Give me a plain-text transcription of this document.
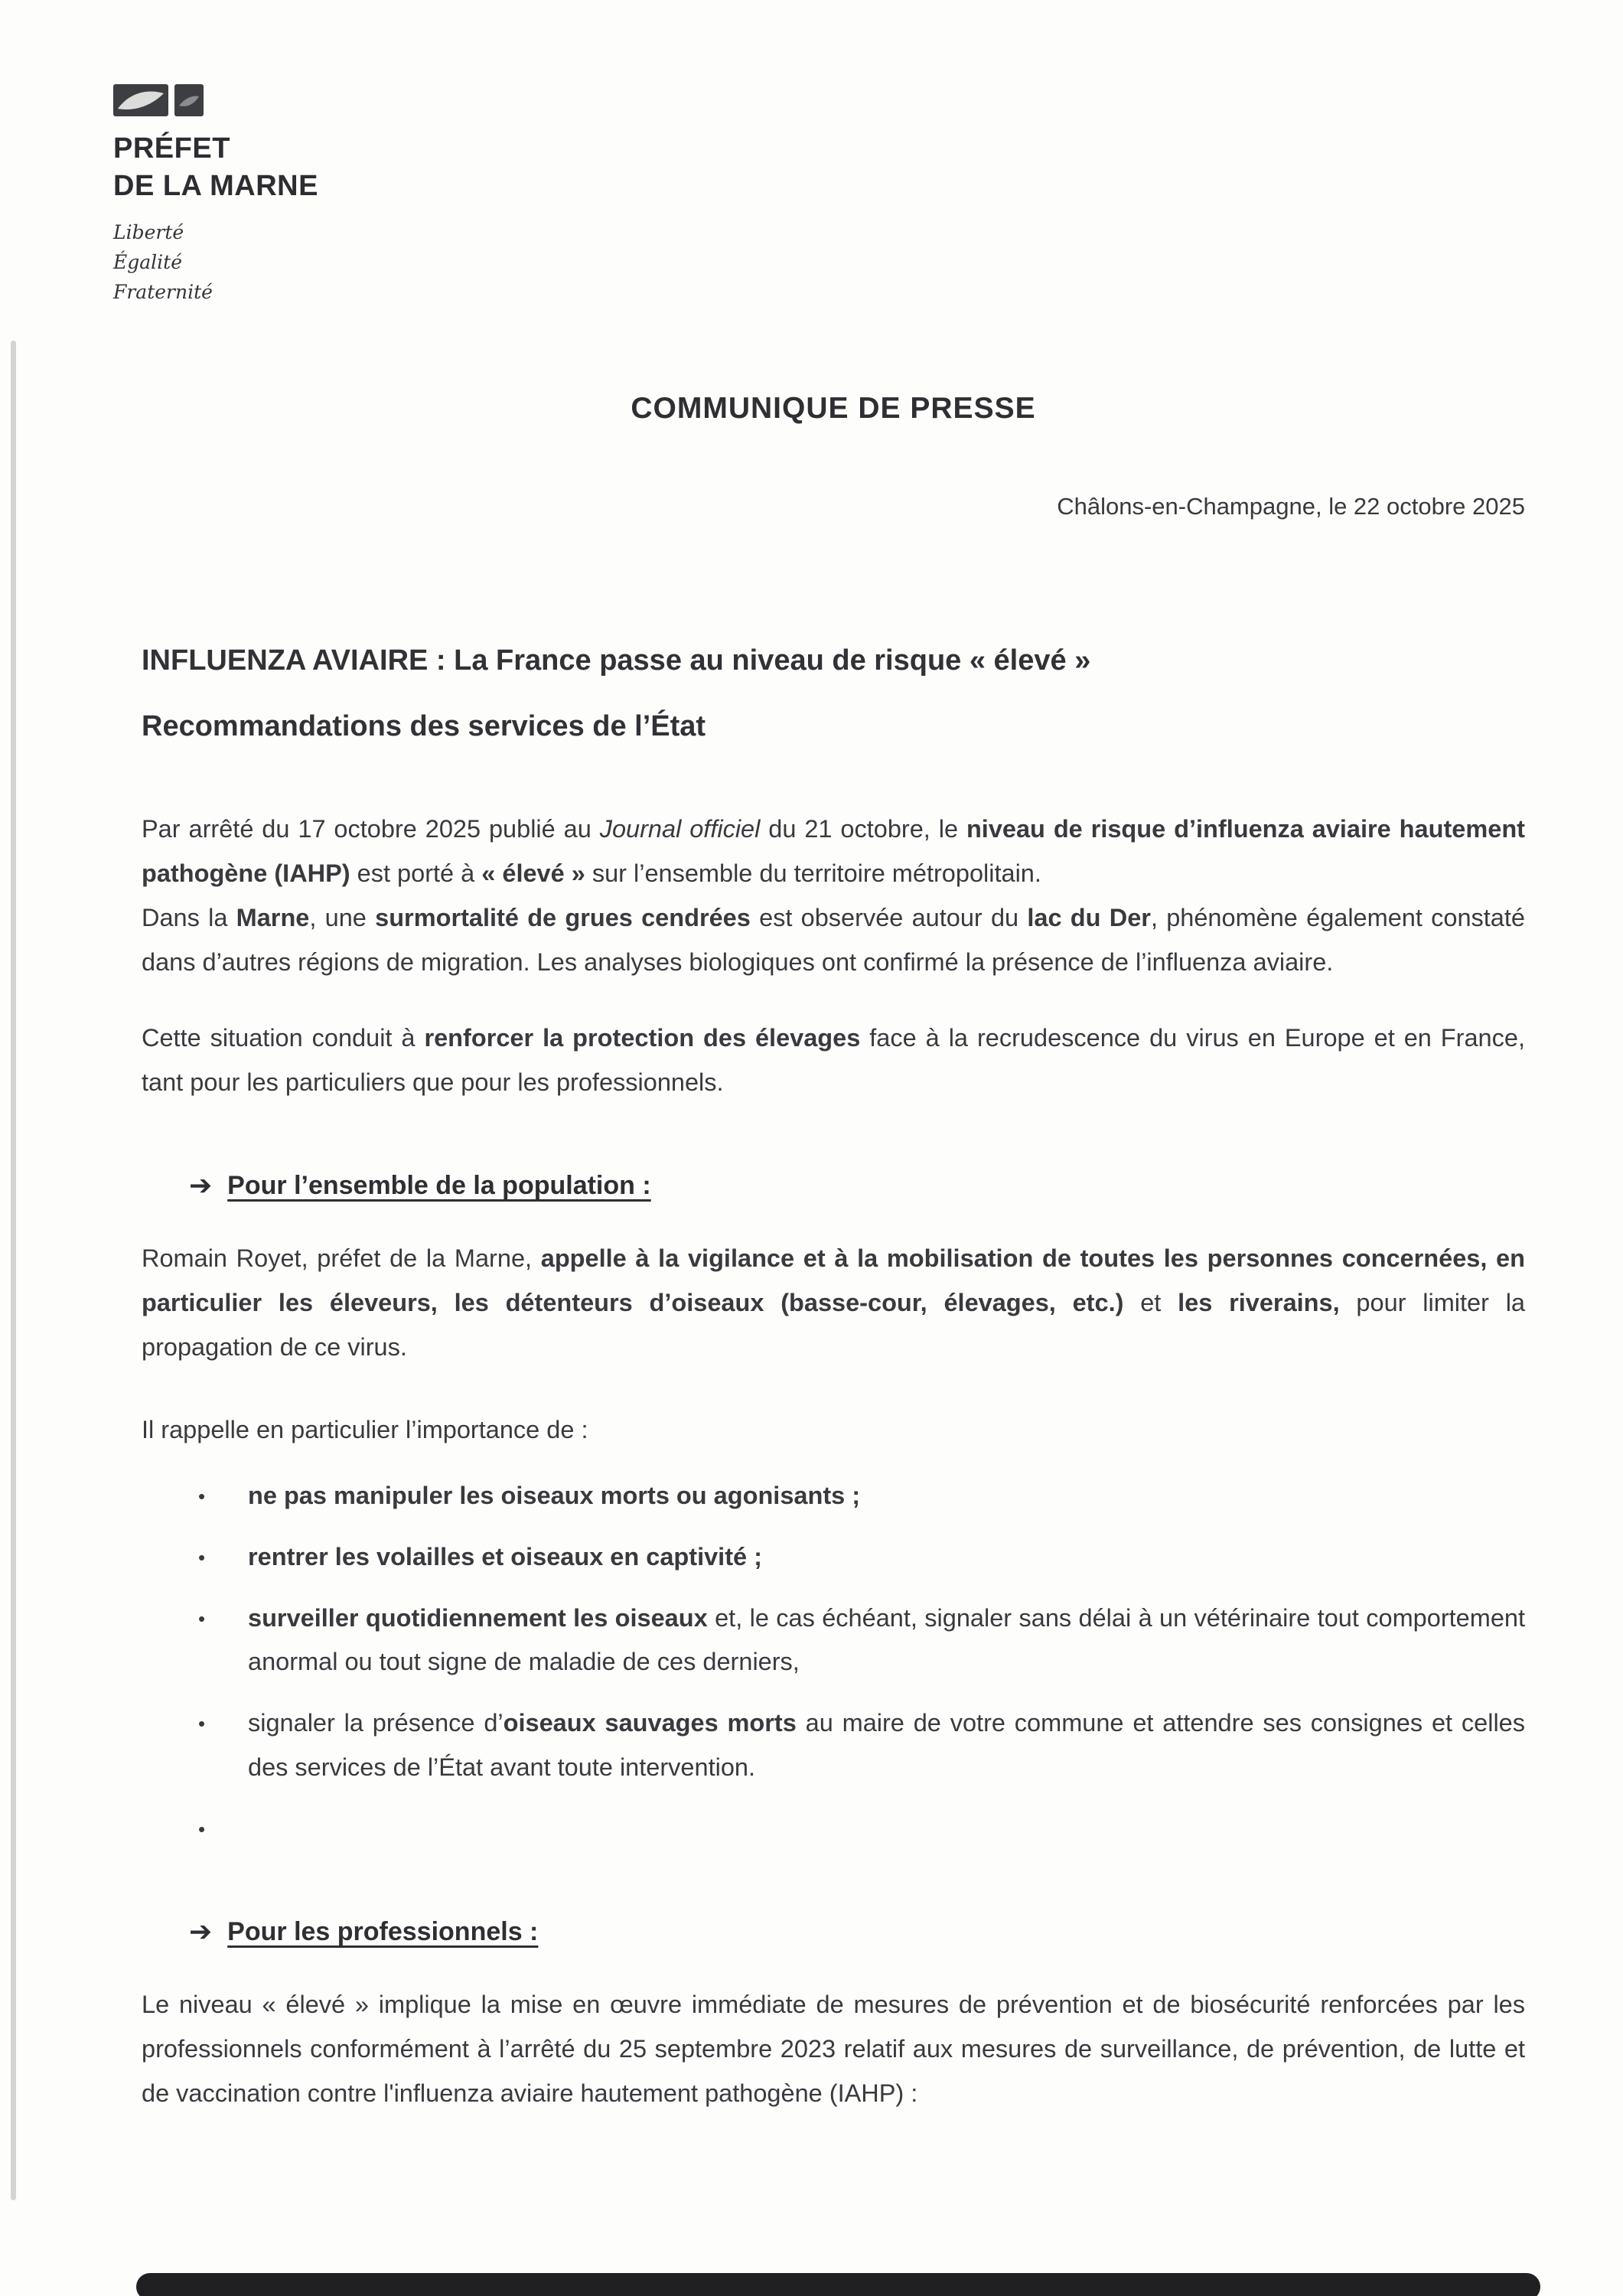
PRÉFET
DE LA MARNE
Liberté
Égalité
Fraternité
COMMUNIQUE DE PRESSE
Châlons-en-Champagne, le 22 octobre 2025
INFLUENZA AVIAIRE : La France passe au niveau de risque « élevé »
Recommandations des services de l’État

Par arrêté du 17 octobre 2025 publié au Journal officiel du 21 octobre, le niveau de risque d’influenza aviaire hautement pathogène (IAHP) est porté à « élevé » sur l’ensemble du territoire métropolitain.

Dans la Marne, une surmortalité de grues cendrées est observée autour du lac du Der, phénomène également constaté dans d’autres régions de migration. Les analyses biologiques ont confirmé la présence de l’influenza aviaire.

Cette situation conduit à renforcer la protection des élevages face à la recrudescence du virus en Europe et en France, tant pour les particuliers que pour les professionnels.

➔ Pour l’ensemble de la population :

Romain Royet, préfet de la Marne, appelle à la vigilance et à la mobilisation de toutes les personnes concernées, en particulier les éleveurs, les détenteurs d’oiseaux (basse-cour, élevages, etc.) et les riverains, pour limiter la propagation de ce virus.

Il rappelle en particulier l’importance de :

• ne pas manipuler les oiseaux morts ou agonisants ;
• rentrer les volailles et oiseaux en captivité ;
• surveiller quotidiennement les oiseaux et, le cas échéant, signaler sans délai à un vétérinaire tout comportement anormal ou tout signe de maladie de ces derniers,
• signaler la présence d’oiseaux sauvages morts au maire de votre commune et attendre ses consignes et celles des services de l’État avant toute intervention.
•
➔ Pour les professionnels :

Le niveau « élevé » implique la mise en œuvre immédiate de mesures de prévention et de biosécurité renforcées par les professionnels conformément à l’arrêté du 25 septembre 2023 relatif aux mesures de surveillance, de prévention, de lutte et de vaccination contre l'influenza aviaire hautement pathogène (IAHP) :
